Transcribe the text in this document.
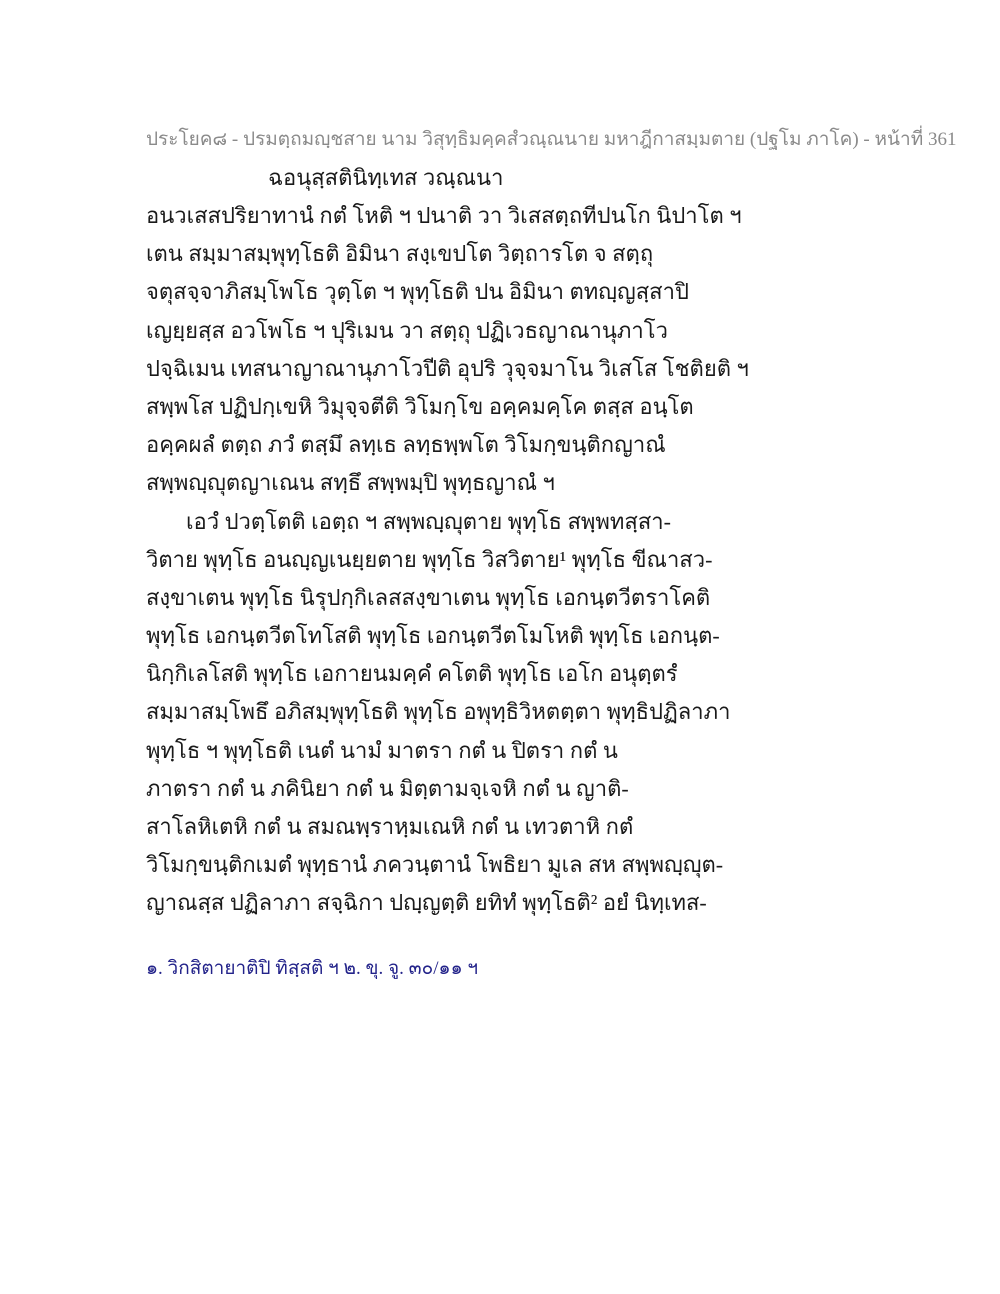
ประโยค๘ - ปรมตฺถมญฺชสาย นาม วิสุทฺธิมคฺคสํวณฺณนาย มหาฎีกาสมฺมตาย (ปฐโม ภาโค) - หน้าที่ 361
ฉอนุสฺสตินิทฺเทส วณฺณนา
อนวเสสปริยาทานํ กตํ โหติ ฯ ปนาติ วา วิเสสตฺถทีปนโก นิปาโต ฯ
เตน สมฺมาสมฺพุทฺโธติ อิมินา สงฺเขปโต วิตฺถารโต จ สตฺถุ
จตุสจฺจาภิสมฺโพโธ วุตฺโต ฯ พุทฺโธติ ปน อิมินา ตทญฺญสฺสาปิ
เญยฺยสฺส อวโพโธ ฯ ปุริเมน วา สตฺถุ ปฏิเวธญาณานุภาโว
ปจฺฉิเมน เทสนาญาณานุภาโวปีติ อุปริ วุจฺจมาโน วิเสโส โชติยติ ฯ
สพฺพโส ปฏิปกฺเขหิ วิมุจฺจตีติ วิโมกฺโข อคฺคมคฺโค ตสฺส อนฺโต
อคฺคผลํ ตตฺถ ภวํ ตสฺมึ ลทฺเธ ลทฺธพฺพโต วิโมกฺขนฺติกญาณํ
สพฺพญฺญุตญาเณน สทฺธึ สพฺพมฺปิ พุทฺธญาณํ ฯ
เอวํ ปวตฺโตติ เอตฺถ ฯ สพฺพญฺญุตาย พุทฺโธ สพฺพทสฺสา-
วิตาย พุทฺโธ อนญฺญเนยฺยตาย พุทฺโธ วิสวิตาย¹ พุทฺโธ ขีณาสว-
สงฺขาเตน พุทฺโธ นิรุปกฺกิเลสสงฺขาเตน พุทฺโธ เอกนฺตวีตราโคติ
พุทฺโธ เอกนฺตวีตโทโสติ พุทฺโธ เอกนฺตวีตโมโหติ พุทฺโธ เอกนฺต-
นิกฺกิเลโสติ พุทฺโธ เอกายนมคฺคํ คโตติ พุทฺโธ เอโก อนุตฺตรํ
สมฺมาสมฺโพธึ อภิสมฺพุทฺโธติ พุทฺโธ อพุทฺธิวิหตตฺตา พุทฺธิปฏิลาภา
พุทฺโธ ฯ พุทฺโธติ เนตํ นามํ มาตรา กตํ น ปิตรา กตํ น
ภาตรา กตํ น ภคินิยา กตํ น มิตฺตามจฺเจหิ กตํ น ญาติ-
สาโลหิเตหิ กตํ น สมณพฺราหฺมเณหิ กตํ น เทวตาหิ กตํ
วิโมกฺขนฺติกเมตํ พุทฺธานํ ภควนฺตานํ โพธิยา มูเล สห สพฺพญฺญุต-
ญาณสฺส ปฏิลาภา สจฺฉิกา ปญฺญตฺติ ยทิทํ พุทฺโธติ² อยํ นิทฺเทส-
๑. วิกสิตายาติปิ ทิสฺสติ ฯ ๒. ขุ. จู. ๓๐/๑๑ ฯ
